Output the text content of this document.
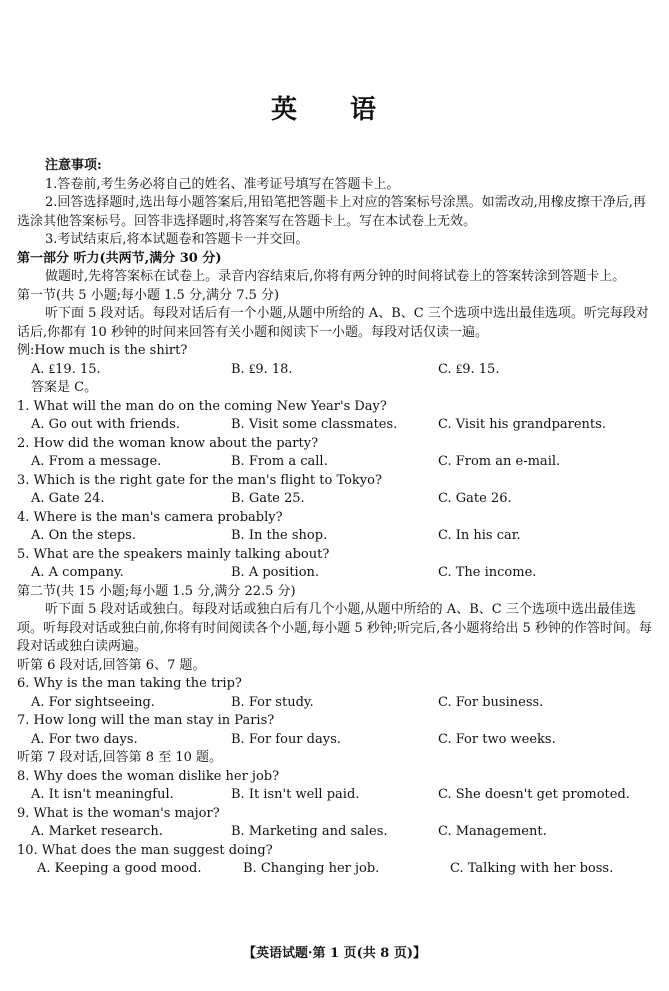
英 语
注意事项:
1.答卷前,考生务必将自己的姓名、准考证号填写在答题卡上。
2.回答选择题时,选出每小题答案后,用铅笔把答题卡上对应的答案标号涂黑。如需改动,用橡皮擦干净后,再选涂其他答案标号。回答非选择题时,将答案写在答题卡上。写在本试卷上无效。
3.考试结束后,将本试题卷和答题卡一并交回。
第一部分 听力(共两节,满分 30 分)
做题时,先将答案标在试卷上。录音内容结束后,你将有两分钟的时间将试卷上的答案转涂到答题卡上。
第一节(共 5 小题;每小题 1.5 分,满分 7.5 分)
听下面 5 段对话。每段对话后有一个小题,从题中所给的 A、B、C 三个选项中选出最佳选项。听完每段对话后,你都有 10 秒钟的时间来回答有关小题和阅读下一小题。每段对话仅读一遍。
例:How much is the shirt?
A. ₤19. 15.	B. ₤9. 18.	C. ₤9. 15.
答案是 C。
1. What will the man do on the coming New Year's Day?
A. Go out with friends.	B. Visit some classmates.	C. Visit his grandparents.
2. How did the woman know about the party?
A. From a message.	B. From a call.	C. From an e-mail.
3. Which is the right gate for the man's flight to Tokyo?
A. Gate 24.	B. Gate 25.	C. Gate 26.
4. Where is the man's camera probably?
A. On the steps.	B. In the shop.	C. In his car.
5. What are the speakers mainly talking about?
A. A company.	B. A position.	C. The income.
第二节(共 15 小题;每小题 1.5 分,满分 22.5 分)
听下面 5 段对话或独白。每段对话或独白后有几个小题,从题中所给的 A、B、C 三个选项中选出最佳选项。听每段对话或独白前,你将有时间阅读各个小题,每小题 5 秒钟;听完后,各小题将给出 5 秒钟的作答时间。每段对话或独白读两遍。
听第 6 段对话,回答第 6、7 题。
6. Why is the man taking the trip?
A. For sightseeing.	B. For study.	C. For business.
7. How long will the man stay in Paris?
A. For two days.	B. For four days.	C. For two weeks.
听第 7 段对话,回答第 8 至 10 题。
8. Why does the woman dislike her job?
A. It isn't meaningful.	B. It isn't well paid.	C. She doesn't get promoted.
9. What is the woman's major?
A. Market research.	B. Marketing and sales.	C. Management.
10. What does the man suggest doing?
A. Keeping a good mood.	B. Changing her job.	C. Talking with her boss.
【英语试题·第 1 页(共 8 页)】
